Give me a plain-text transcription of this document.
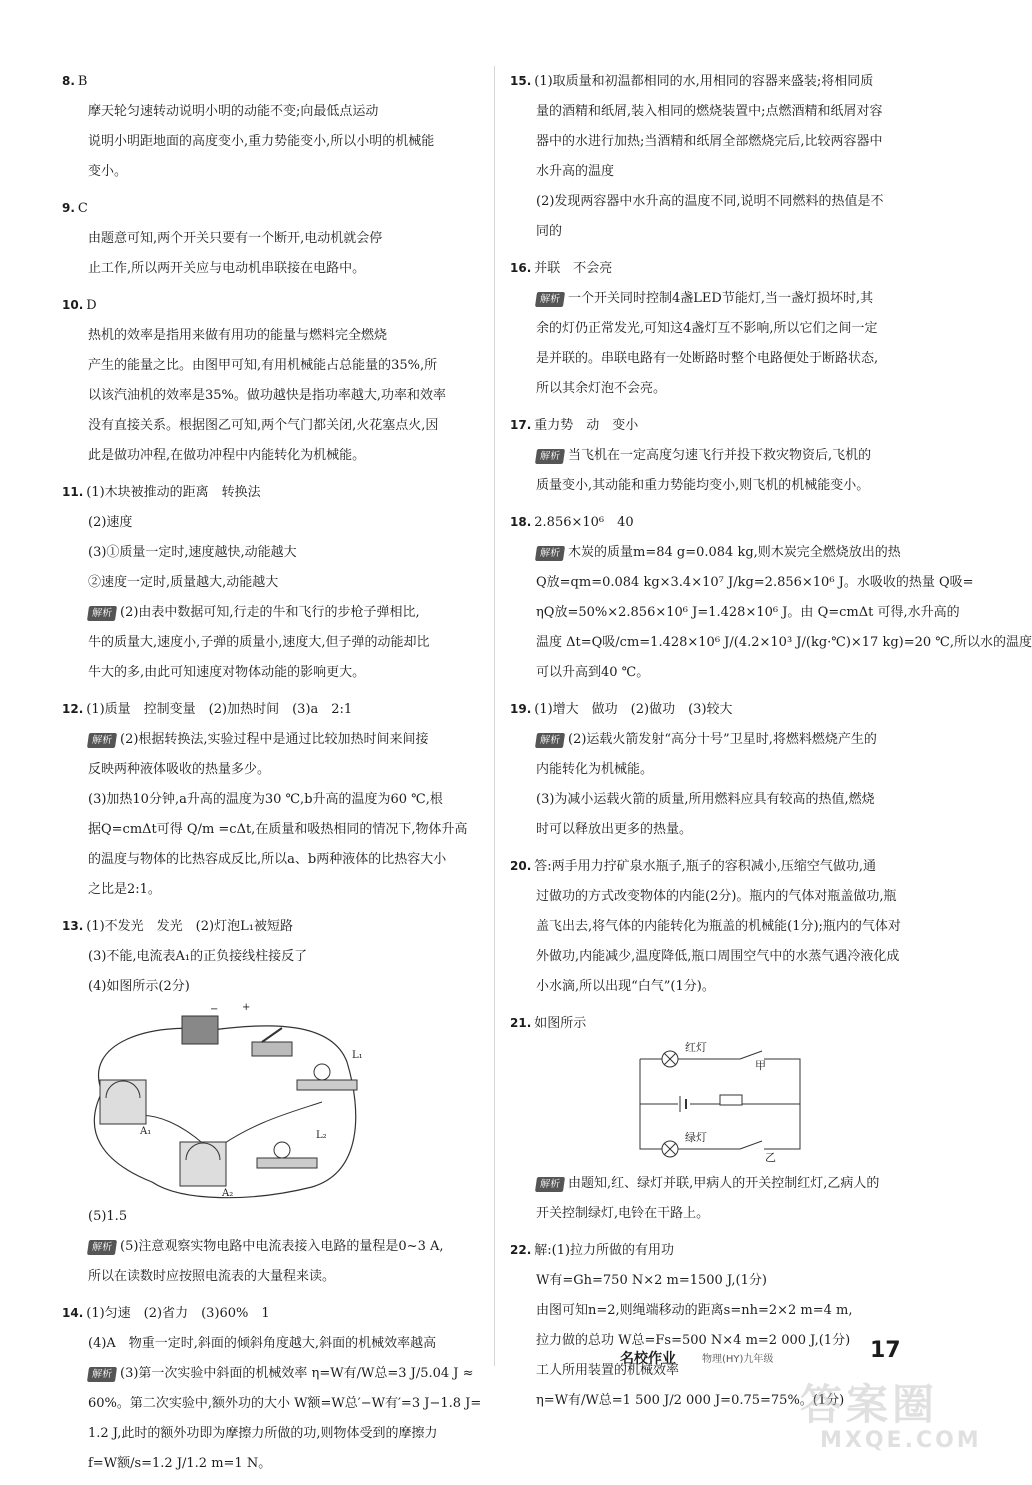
8. B
摩天轮匀速转动说明小明的动能不变;向最低点运动
说明小明距地面的高度变小,重力势能变小,所以小明的机械能
变小。
9. C
由题意可知,两个开关只要有一个断开,电动机就会停
止工作,所以两开关应与电动机串联接在电路中。
10. D
热机的效率是指用来做有用功的能量与燃料完全燃烧
产生的能量之比。由图甲可知,有用机械能占总能量的35%,所
以该汽油机的效率是35%。做功越快是指功率越大,功率和效率
没有直接关系。根据图乙可知,两个气门都关闭,火花塞点火,因
此是做功冲程,在做功冲程中内能转化为机械能。
11. (1)木块被推动的距离　转换法
(2)速度
(3)①质量一定时,速度越快,动能越大
②速度一定时,质量越大,动能越大
解析 (2)由表中数据可知,行走的牛和飞行的步枪子弹相比,
牛的质量大,速度小,子弹的质量小,速度大,但子弹的动能却比
牛大的多,由此可知速度对物体动能的影响更大。
12. (1)质量　控制变量　(2)加热时间　(3)a　2:1
解析 (2)根据转换法,实验过程中是通过比较加热时间来间接
反映两种液体吸收的热量多少。
(3)加热10分钟,a升高的温度为30 ℃,b升高的温度为60 ℃,根
据Q=cmΔt可得 Q/m =cΔt,在质量和吸热相同的情况下,物体升高
的温度与物体的比热容成反比,所以a、b两种液体的比热容大小
之比是2:1。
13. (1)不发光　发光　(2)灯泡L₁被短路
(3)不能,电流表A₁的正负接线柱接反了
(4)如图所示(2分)
L₁
L₂
A₁
A₂
− +
(5)1.5
解析 (5)注意观察实物电路中电流表接入电路的量程是0~3 A,
所以在读数时应按照电流表的大量程来读。
14. (1)匀速　(2)省力　(3)60%　1
(4)A　物重一定时,斜面的倾斜角度越大,斜面的机械效率越高
解析 (3)第一次实验中斜面的机械效率 η=W有/W总=3 J/5.04 J ≈
60%。第二次实验中,额外功的大小 W额=W总′−W有′=3 J−1.8 J=
1.2 J,此时的额外功即为摩擦力所做的功,则物体受到的摩擦力
f=W额/s=1.2 J/1.2 m=1 N。
15. (1)取质量和初温都相同的水,用相同的容器来盛装;将相同质
量的酒精和纸屑,装入相同的燃烧装置中;点燃酒精和纸屑对容
器中的水进行加热;当酒精和纸屑全部燃烧完后,比较两容器中
水升高的温度
(2)发现两容器中水升高的温度不同,说明不同燃料的热值是不
同的
16. 并联　不会亮
解析 一个开关同时控制4盏LED节能灯,当一盏灯损坏时,其
余的灯仍正常发光,可知这4盏灯互不影响,所以它们之间一定
是并联的。串联电路有一处断路时整个电路便处于断路状态,
所以其余灯泡不会亮。
17. 重力势　动　变小
解析 当飞机在一定高度匀速飞行并投下救灾物资后,飞机的
质量变小,其动能和重力势能均变小,则飞机的机械能变小。
18. 2.856×10⁶　40
解析 木炭的质量m=84 g=0.084 kg,则木炭完全燃烧放出的热
Q放=qm=0.084 kg×3.4×10⁷ J/kg=2.856×10⁶ J。水吸收的热量 Q吸=
ηQ放=50%×2.856×10⁶ J=1.428×10⁶ J。由 Q=cmΔt 可得,水升高的
温度 Δt=Q吸/cm=1.428×10⁶ J/(4.2×10³ J/(kg·℃)×17 kg)=20 ℃,所以水的温度
可以升高到40 ℃。
19. (1)增大　做功　(2)做功　(3)较大
解析 (2)运载火箭发射“高分十号”卫星时,将燃料燃烧产生的
内能转化为机械能。
(3)为减小运载火箭的质量,所用燃料应具有较高的热值,燃烧
时可以释放出更多的热量。
20. 答:两手用力拧矿泉水瓶子,瓶子的容积减小,压缩空气做功,通
过做功的方式改变物体的内能(2分)。瓶内的气体对瓶盖做功,瓶
盖飞出去,将气体的内能转化为瓶盖的机械能(1分);瓶内的气体对
外做功,内能减少,温度降低,瓶口周围空气中的水蒸气遇冷液化成
小水滴,所以出现“白气”(1分)。
21. 如图所示
红灯
绿灯
甲
乙
解析 由题知,红、绿灯并联,甲病人的开关控制红灯,乙病人的
开关控制绿灯,电铃在干路上。
22. 解:(1)拉力所做的有用功
W有=Gh=750 N×2 m=1500 J,(1分)
由图可知n=2,则绳端移动的距离s=nh=2×2 m=4 m,
拉力做的总功 W总=Fs=500 N×4 m=2 000 J,(1分)
工人所用装置的机械效率
η=W有/W总=1 500 J/2 000 J=0.75=75%。(1分)
名校作业	物理(HY)九年级	17
答案圈
MXQE.COM
